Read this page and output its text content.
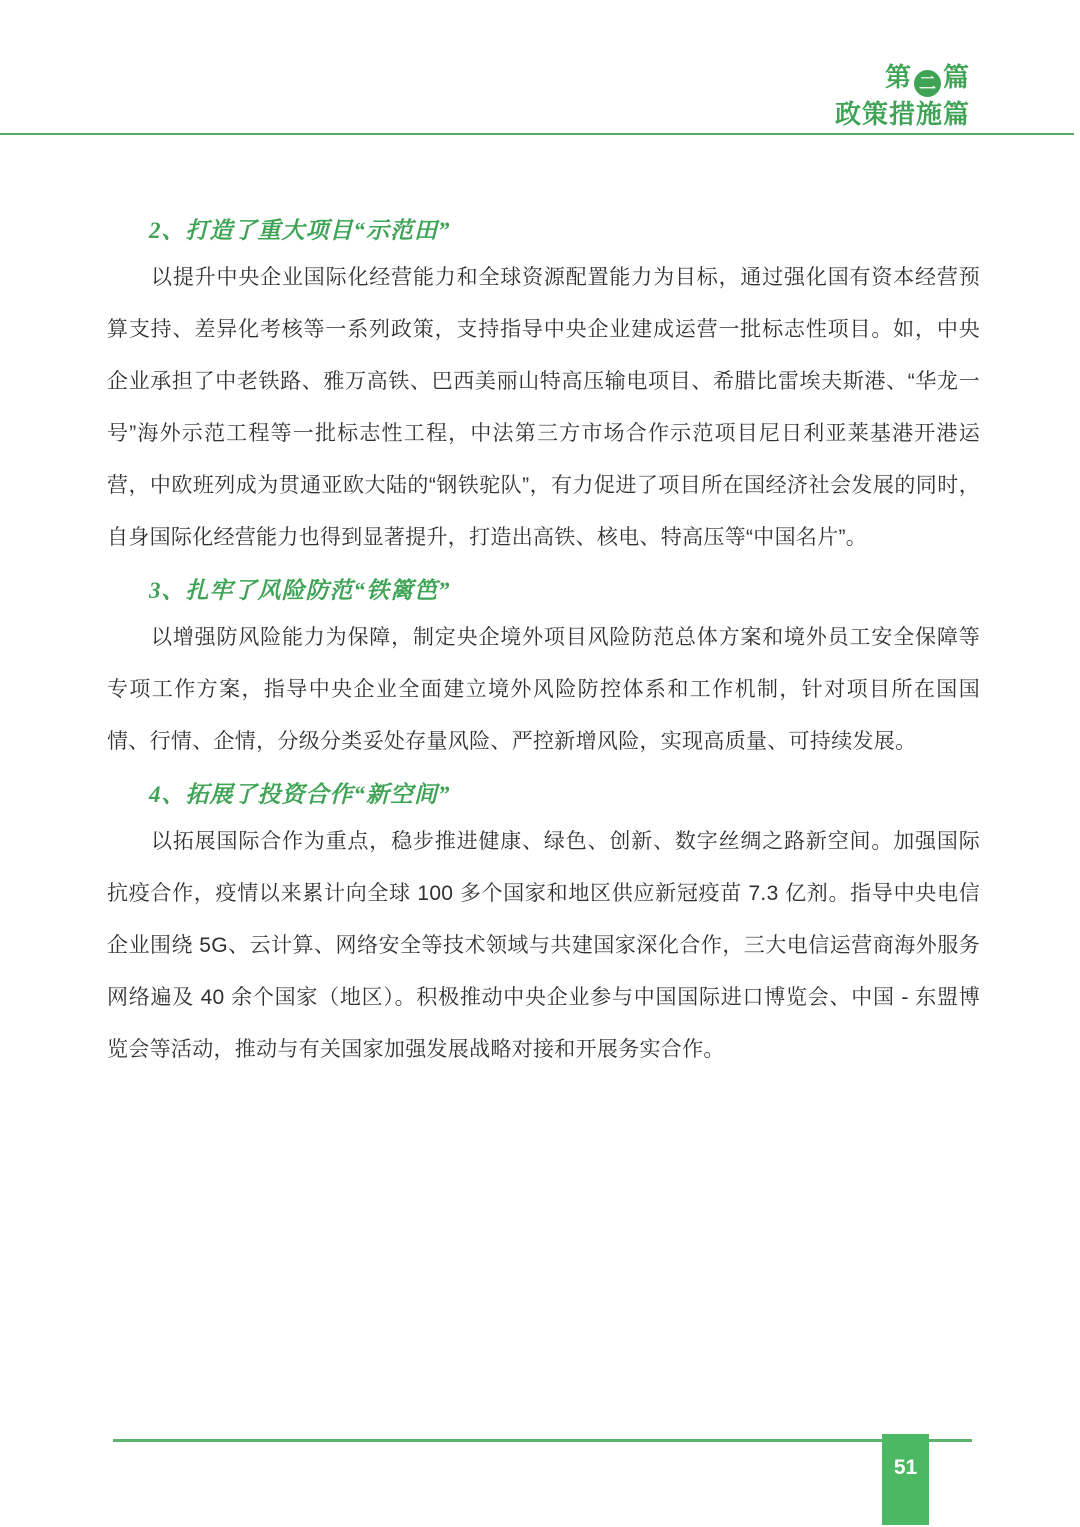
第 二 篇
政策措施篇
2、打造了重大项目“示范田”

以提升中央企业国际化经营能力和全球资源配置能力为目标，通过强化国有资本经营预算支持、差异化考核等一系列政策，支持指导中央企业建成运营一批标志性项目。如，中央企业承担了中老铁路、雅万高铁、巴西美丽山特高压输电项目、希腊比雷埃夫斯港、“华龙一号”海外示范工程等一批标志性工程，中法第三方市场合作示范项目尼日利亚莱基港开港运营，中欧班列成为贯通亚欧大陆的“钢铁驼队”，有力促进了项目所在国经济社会发展的同时，自身国际化经营能力也得到显著提升，打造出高铁、核电、特高压等“中国名片”。

3、扎牢了风险防范“铁篱笆”

以增强防风险能力为保障，制定央企境外项目风险防范总体方案和境外员工安全保障等专项工作方案，指导中央企业全面建立境外风险防控体系和工作机制，针对项目所在国国情、行情、企情，分级分类妥处存量风险、严控新增风险，实现高质量、可持续发展。

4、拓展了投资合作“新空间”

以拓展国际合作为重点，稳步推进健康、绿色、创新、数字丝绸之路新空间。加强国际抗疫合作，疫情以来累计向全球 100 多个国家和地区供应新冠疫苗 7.3 亿剂。指导中央电信企业围绕 5G、云计算、网络安全等技术领域与共建国家深化合作，三大电信运营商海外服务网络遍及 40 余个国家（地区）。积极推动中央企业参与中国国际进口博览会、中国 - 东盟博览会等活动，推动与有关国家加强发展战略对接和开展务实合作。

51
